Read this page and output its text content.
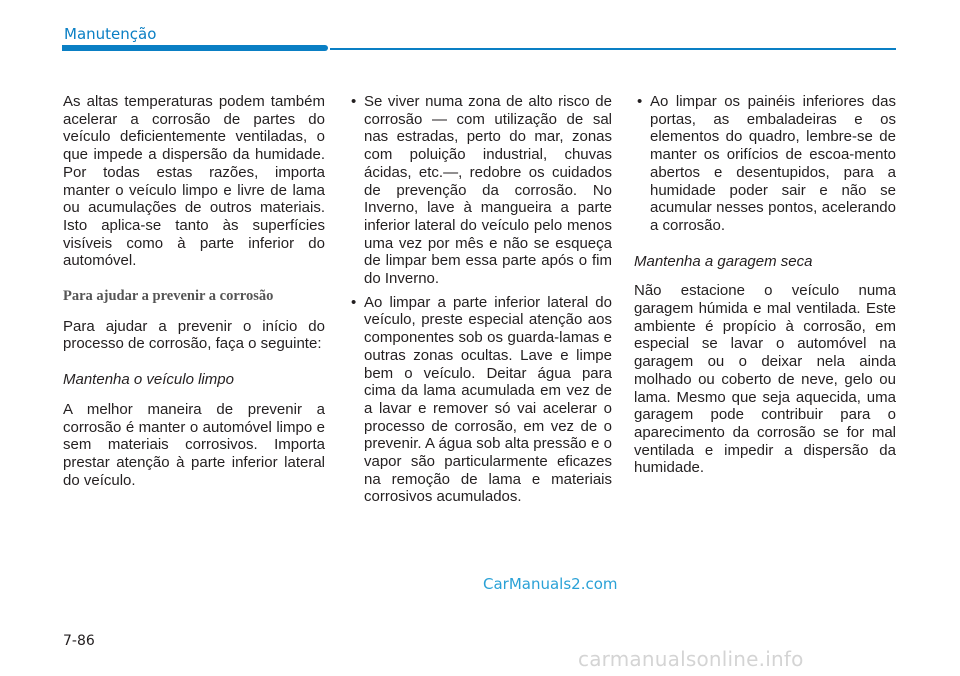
Manutenção

As altas temperaturas podem também acelerar a corrosão de partes do veículo deficientemente ventiladas, o que impede a dispersão da humidade. Por todas estas razões, importa manter o veículo limpo e livre de lama ou acumulações de outros materiais. Isto aplica-se tanto às superfícies visíveis como à parte inferior do automóvel.

Para ajudar a prevenir a corrosão

Para ajudar a prevenir o início do processo de corrosão, faça o seguinte:

Mantenha o veículo limpo

A melhor maneira de prevenir a corrosão é manter o automóvel limpo e sem materiais corrosivos. Importa prestar atenção à parte inferior lateral do veículo.

• Se viver numa zona de alto risco de corrosão — com utilização de sal nas estradas, perto do mar, zonas com poluição industrial, chuvas ácidas, etc.—, redobre os cuidados de prevenção da corrosão. No Inverno, lave à mangueira a parte inferior lateral do veículo pelo menos uma vez por mês e não se esqueça de limpar bem essa parte após o fim do Inverno.
• Ao limpar a parte inferior lateral do veículo, preste especial atenção aos componentes sob os guarda-lamas e outras zonas ocultas. Lave e limpe bem o veículo. Deitar água para cima da lama acumulada em vez de a lavar e remover só vai acelerar o processo de corrosão, em vez de o prevenir. A água sob alta pressão e o vapor são particularmente eficazes na remoção de lama e materiais corrosivos acumulados.
• Ao limpar os painéis inferiores das portas, as embaladeiras e os elementos do quadro, lembre-se de manter os orifícios de escoa-mento abertos e desentupidos, para a humidade poder sair e não se acumular nesses pontos, acelerando a corrosão.
Mantenha a garagem seca

Não estacione o veículo numa garagem húmida e mal ventilada. Este ambiente é propício à corrosão, em especial se lavar o automóvel na garagem ou o deixar nela ainda molhado ou coberto de neve, gelo ou lama. Mesmo que seja aquecida, uma garagem pode contribuir para o aparecimento da corrosão se for mal ventilada e impedir a dispersão da humidade.

CarManuals2.com
7-86
carmanualsonline.info
